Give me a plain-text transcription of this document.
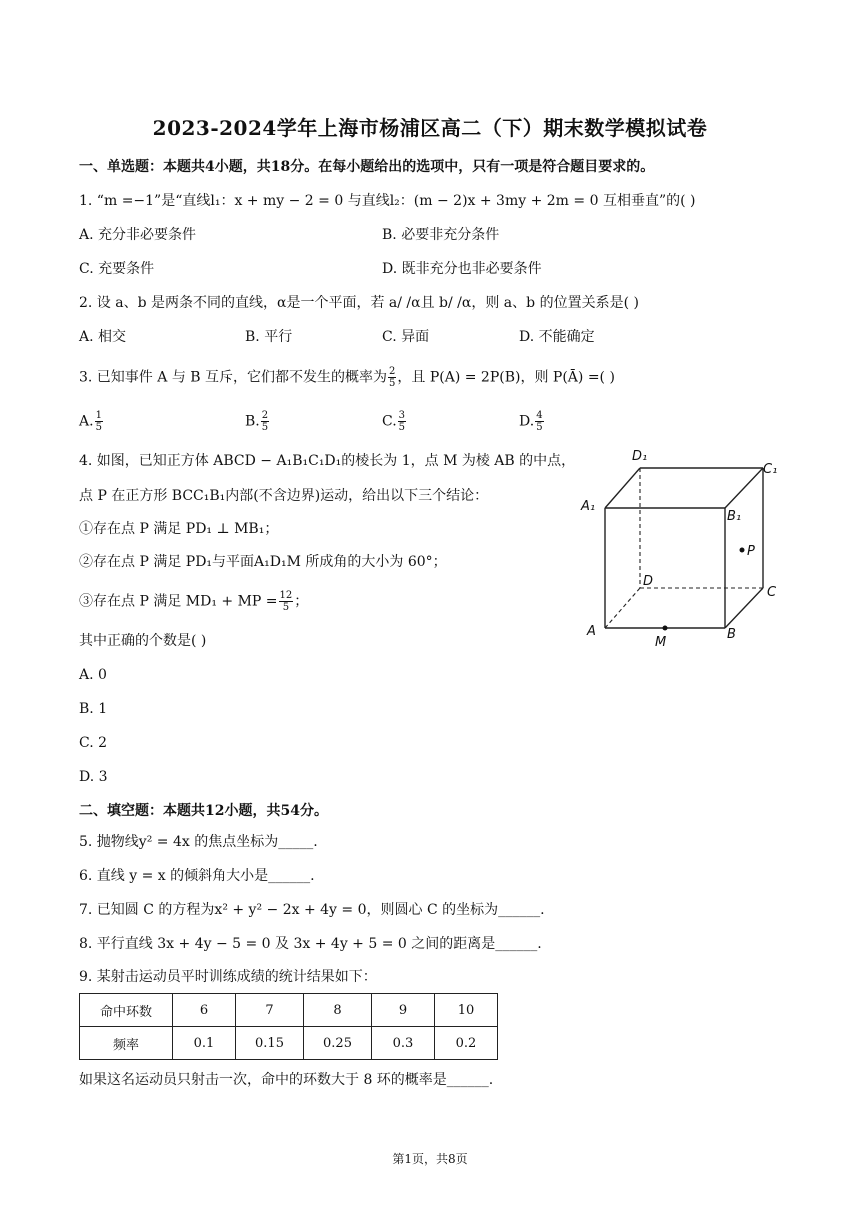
2023-2024学年上海市杨浦区高二（下）期末数学模拟试卷
一、单选题：本题共4小题，共18分。在每小题给出的选项中，只有一项是符合题目要求的。
1. “m =−1”是“直线l₁：x + my − 2 = 0 与直线l₂：(m − 2)x + 3my + 2m = 0 互相垂直”的( )
A. 充分非必要条件	B. 必要非充分条件
C. 充要条件	D. 既非充分也非必要条件
2. 设 a、b 是两条不同的直线，α是一个平面，若 a/ /α且 b/ /α，则 a、b 的位置关系是( )
A. 相交	B. 平行	C. 异面	D. 不能确定
3. 已知事件 A 与 B 互斥，它们都不发生的概率为 $\frac{2}{5}$ ，且 P(A) = 2P(B)，则 P(Ā) =( )
A. $\frac{1}{5}$	B. $\frac{2}{5}$	C. $\frac{3}{5}$	D. $\frac{4}{5}$
4. 如图，已知正方体 ABCD − A₁B₁C₁D₁的棱长为 1，点 M 为棱 AB 的中点，
点 P 在正方形 BCC₁B₁内部(不含边界)运动，给出以下三个结论：
①存在点 P 满足 PD₁ ⊥ MB₁；
②存在点 P 满足 PD₁与平面A₁D₁M 所成角的大小为 60°；
③存在点 P 满足 MD₁ + MP = $\frac{12}{5}$ ；
其中正确的个数是( )
A. 0
B. 1
C. 2
D. 3
D₁
C₁
A₁
B₁
P
D
C
A	B
M
二、填空题：本题共12小题，共54分。
5. 抛物线y² = 4x 的焦点坐标为_____.
6. 直线 y = x 的倾斜角大小是______.
7. 已知圆 C 的方程为x² + y² − 2x + 4y = 0，则圆心 C 的坐标为______.
8. 平行直线 3x + 4y − 5 = 0 及 3x + 4y + 5 = 0 之间的距离是______.
9. 某射击运动员平时训练成绩的统计结果如下：
命中环数	6	7	8	9	10
频率	0.1	0.15	0.25	0.3	0.2
如果这名运动员只射击一次，命中的环数大于 8 环的概率是______.
第1页，共8页
